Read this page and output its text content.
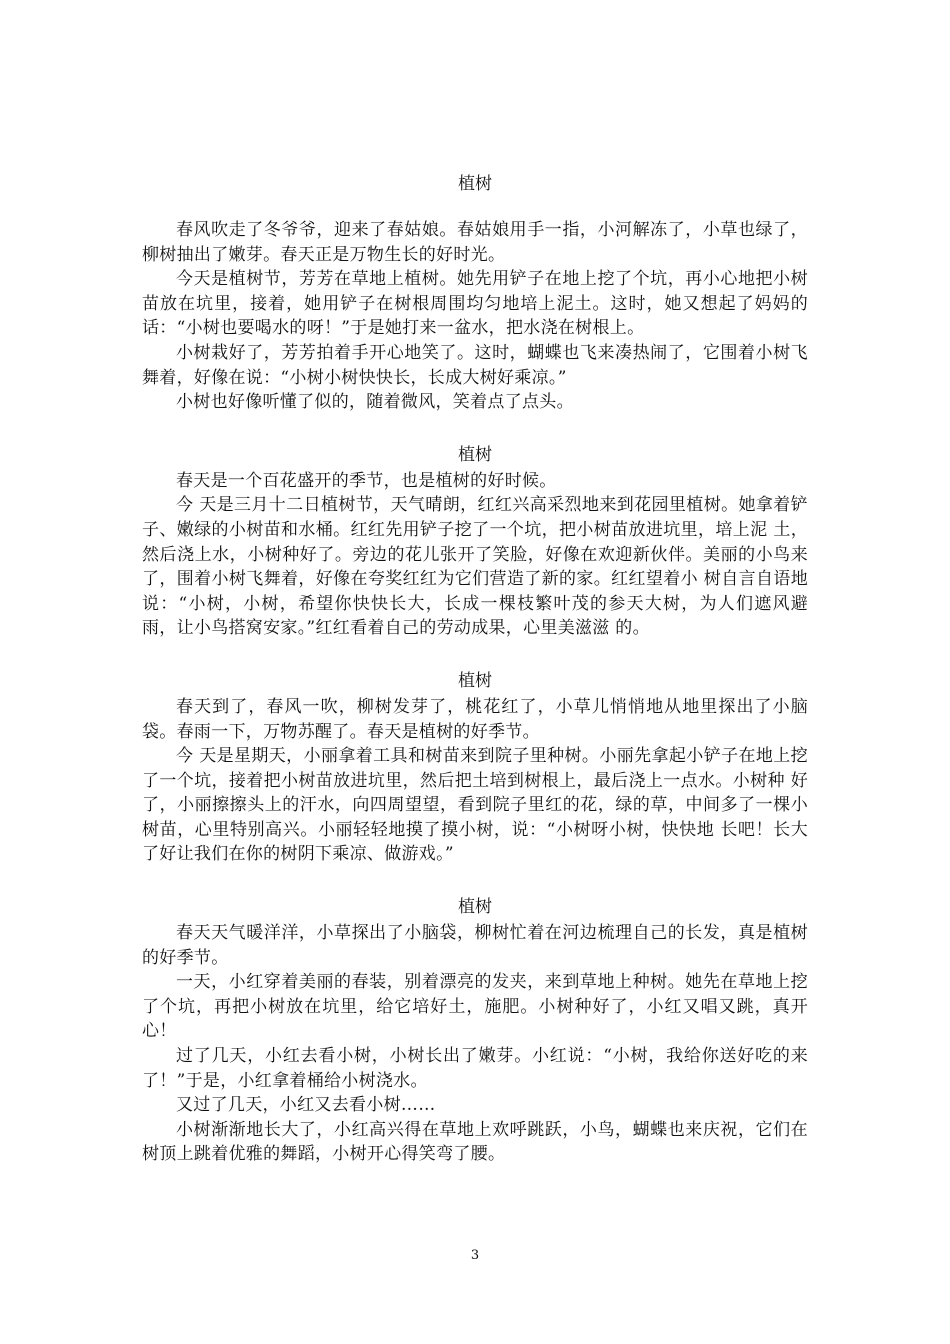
植树

春风吹走了冬爷爷，迎来了春姑娘。春姑娘用手一指，小河解冻了，小草也绿了，柳树抽出了嫩芽。春天正是万物生长的好时光。

今天是植树节，芳芳在草地上植树。她先用铲子在地上挖了个坑，再小心地把小树苗放在坑里，接着，她用铲子在树根周围均匀地培上泥土。这时，她又想起了妈妈的话：“小树也要喝水的呀！”于是她打来一盆水，把水浇在树根上。

小树栽好了，芳芳拍着手开心地笑了。这时，蝴蝶也飞来凑热闹了，它围着小树飞舞着，好像在说：“小树小树快快长，长成大树好乘凉。”

小树也好像听懂了似的，随着微风，笑着点了点头。

植树

春天是一个百花盛开的季节，也是植树的好时候。

今 天是三月十二日植树节，天气晴朗，红红兴高采烈地来到花园里植树。她拿着铲子、嫩绿的小树苗和水桶。红红先用铲子挖了一个坑，把小树苗放进坑里，培上泥 土，然后浇上水，小树种好了。旁边的花儿张开了笑脸，好像在欢迎新伙伴。美丽的小鸟来了，围着小树飞舞着，好像在夸奖红红为它们营造了新的家。红红望着小 树自言自语地说：“小树，小树，希望你快快长大，长成一棵枝繁叶茂的参天大树，为人们遮风避雨，让小鸟搭窝安家。”红红看着自己的劳动成果，心里美滋滋 的。

植树

春天到了，春风一吹，柳树发芽了，桃花红了，小草儿悄悄地从地里探出了小脑袋。春雨一下，万物苏醒了。春天是植树的好季节。

今 天是星期天，小丽拿着工具和树苗来到院子里种树。小丽先拿起小铲子在地上挖了一个坑，接着把小树苗放进坑里，然后把土培到树根上，最后浇上一点水。小树种 好了，小丽擦擦头上的汗水，向四周望望，看到院子里红的花，绿的草，中间多了一棵小树苗，心里特别高兴。小丽轻轻地摸了摸小树，说：“小树呀小树，快快地 长吧！长大了好让我们在你的树阴下乘凉、做游戏。”

植树

春天天气暖洋洋，小草探出了小脑袋，柳树忙着在河边梳理自己的长发，真是植树的好季节。

一天，小红穿着美丽的春装，别着漂亮的发夹，来到草地上种树。她先在草地上挖了个坑，再把小树放在坑里，给它培好土，施肥。小树种好了，小红又唱又跳，真开心！

过了几天，小红去看小树，小树长出了嫩芽。小红说：“小树，我给你送好吃的来了！”于是，小红拿着桶给小树浇水。

又过了几天，小红又去看小树……

小树渐渐地长大了，小红高兴得在草地上欢呼跳跃，小鸟，蝴蝶也来庆祝，它们在树顶上跳着优雅的舞蹈，小树开心得笑弯了腰。

3
